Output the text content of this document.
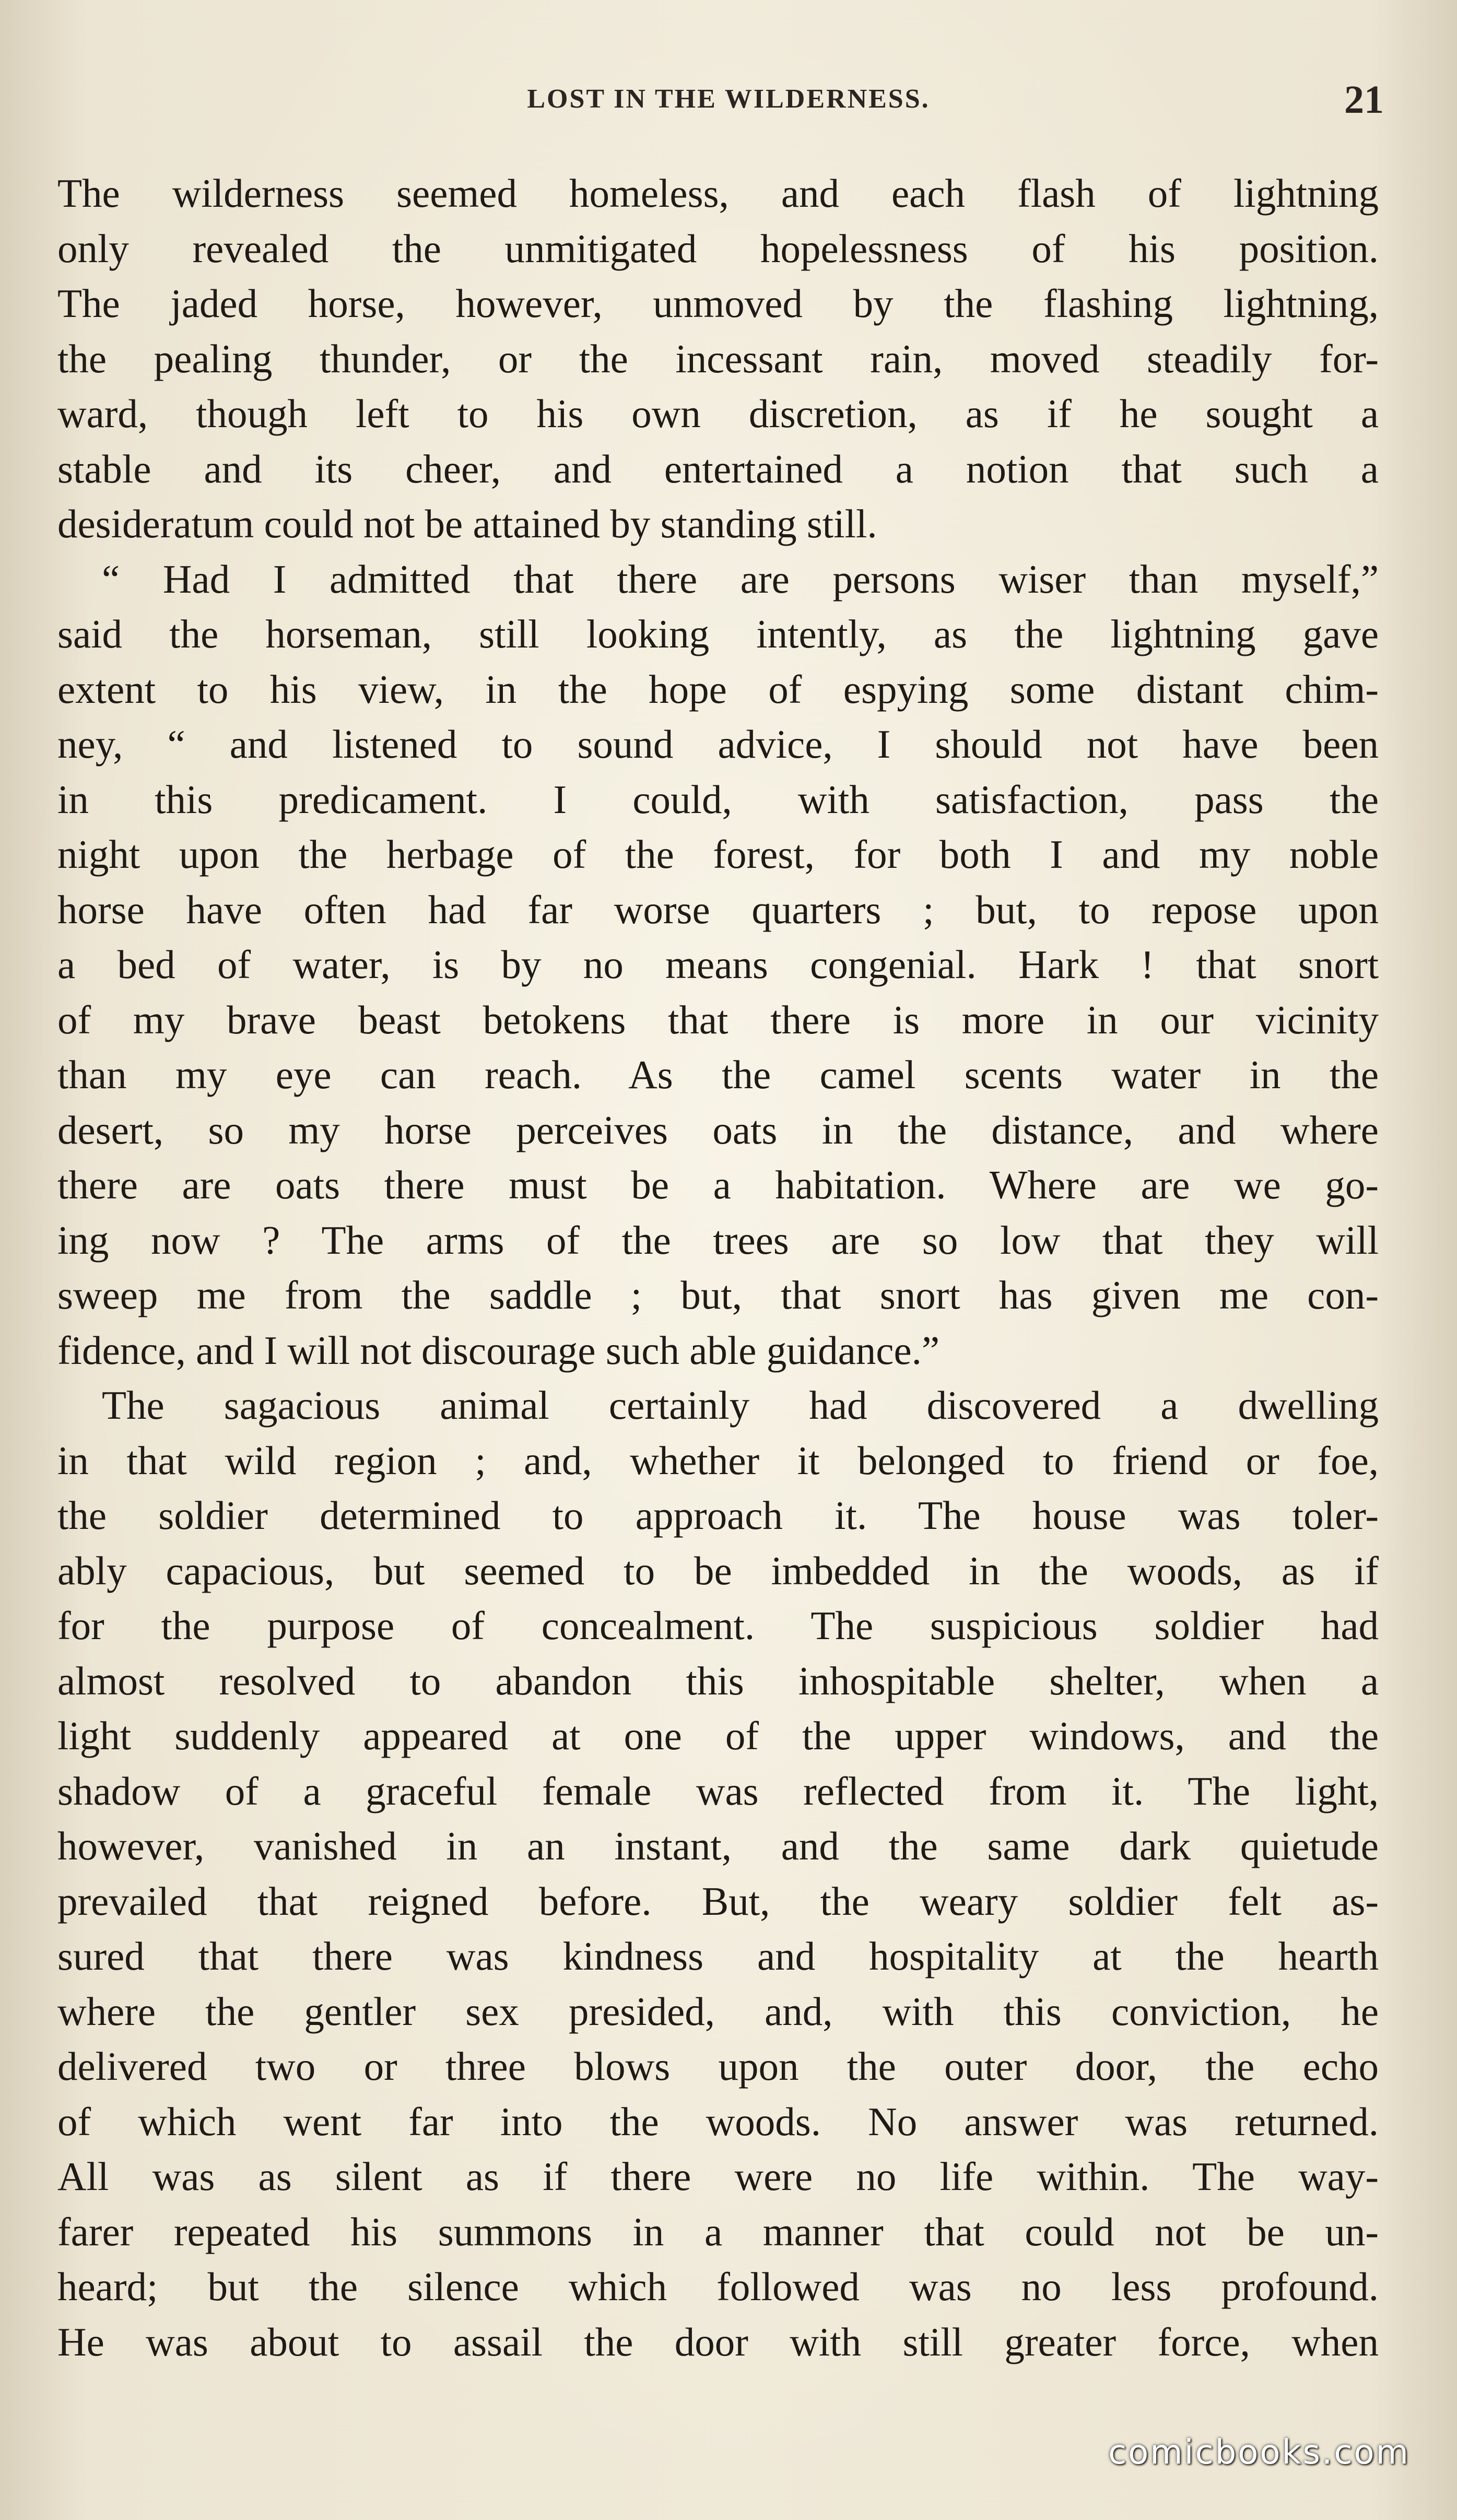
LOST IN THE WILDERNESS.	21
The wilderness seemed homeless, and each flash of lightning
only revealed the unmitigated hopelessness of his position.
The jaded horse, however, unmoved by the flashing lightning,
the pealing thunder, or the incessant rain, moved steadily for-
ward, though left to his own discretion, as if he sought a
stable and its cheer, and entertained a notion that such a
desideratum could not be attained by standing still.
“ Had I admitted that there are persons wiser than myself,”
said the horseman, still looking intently, as the lightning gave
extent to his view, in the hope of espying some distant chim-
ney, “ and listened to sound advice, I should not have been
in this predicament. I could, with satisfaction, pass the
night upon the herbage of the forest, for both I and my noble
horse have often had far worse quarters ; but, to repose upon
a bed of water, is by no means congenial. Hark ! that snort
of my brave beast betokens that there is more in our vicinity
than my eye can reach. As the camel scents water in the
desert, so my horse perceives oats in the distance, and where
there are oats there must be a habitation. Where are we go-
ing now ? The arms of the trees are so low that they will
sweep me from the saddle ; but, that snort has given me con-
fidence, and I will not discourage such able guidance.”
The sagacious animal certainly had discovered a dwelling
in that wild region ; and, whether it belonged to friend or foe,
the soldier determined to approach it. The house was toler-
ably capacious, but seemed to be imbedded in the woods, as if
for the purpose of concealment. The suspicious soldier had
almost resolved to abandon this inhospitable shelter, when a
light suddenly appeared at one of the upper windows, and the
shadow of a graceful female was reflected from it. The light,
however, vanished in an instant, and the same dark quietude
prevailed that reigned before. But, the weary soldier felt as-
sured that there was kindness and hospitality at the hearth
where the gentler sex presided, and, with this conviction, he
delivered two or three blows upon the outer door, the echo
of which went far into the woods. No answer was returned.
All was as silent as if there were no life within. The way-
farer repeated his summons in a manner that could not be un-
heard; but the silence which followed was no less profound.
He was about to assail the door with still greater force, when
comicbooks.com
